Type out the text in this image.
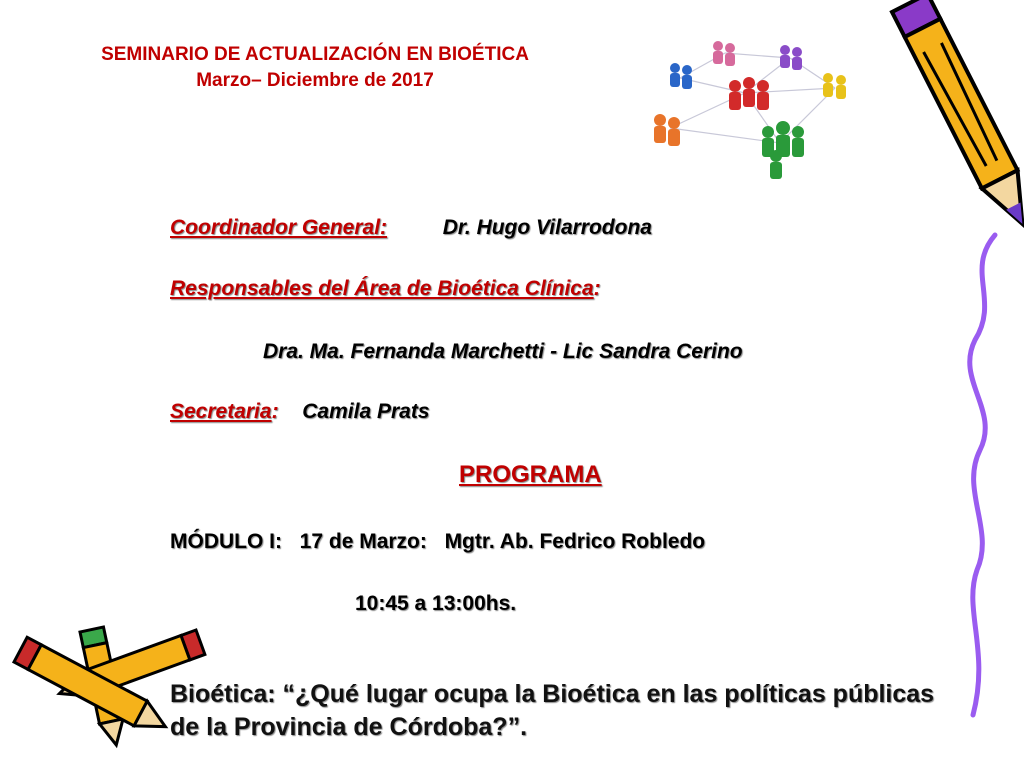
SEMINARIO DE ACTUALIZACIÓN EN BIOÉTICA
Marzo– Diciembre de 2017
Coordinador General:	Dr. Hugo Vilarrodona
Responsables del Área de Bioética Clínica:
Dra. Ma. Fernanda Marchetti - Lic Sandra Cerino
Secretaria: Camila Prats
PROGRAMA
MÓDULO I: 17 de Marzo: Mgtr. Ab. Fedrico Robledo
10:45 a 13:00hs.
Bioética: “¿Qué lugar ocupa la Bioética en las políticas públicas de la Provincia de Córdoba?”.
